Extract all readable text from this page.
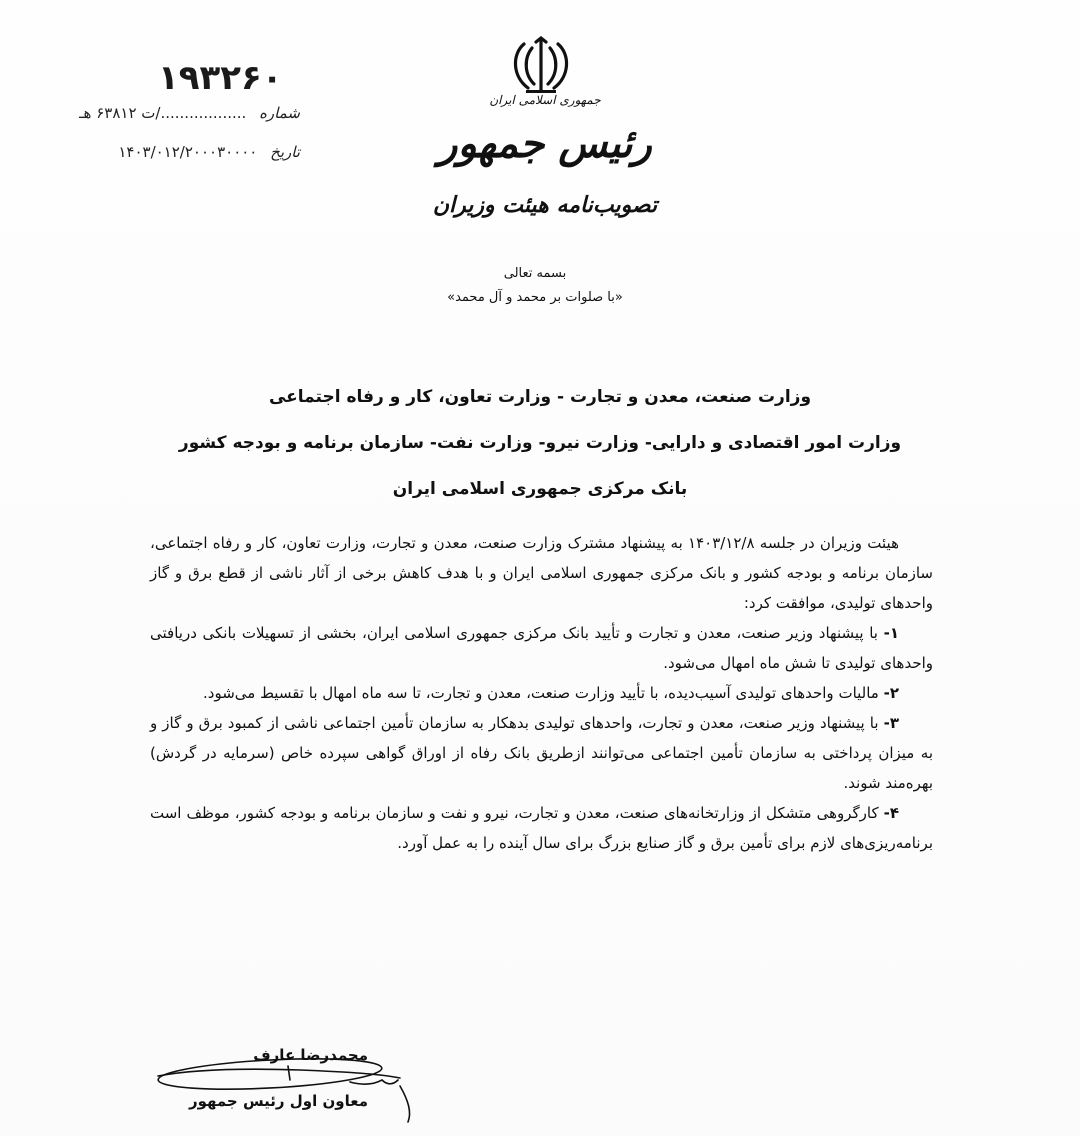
۱۹۳۲۶۰
شماره ..................‌/ت ۶۳۸۱۲ هـ
تاریخ ۱۴۰۳/۰۱۲/۲۰۰۰۳۰۰۰۰
جمهوری اسلامی ایران
رئیس جمهور
تصویب‌نامه هیئت وزیران
بسمه تعالی
«با صلوات بر محمد و آل محمد»
وزارت صنعت، معدن و تجارت - وزارت تعاون، کار و رفاه اجتماعی
وزارت امور اقتصادی و دارایی- وزارت نیرو- وزارت نفت- سازمان برنامه و بودجه کشور
بانک مرکزی جمهوری اسلامی ایران

هیئت وزیران در جلسه ۱۴۰۳/۱۲/۸ به پیشنهاد مشترک وزارت صنعت، معدن و تجارت، وزارت تعاون، کار و رفاه اجتماعی، سازمان برنامه و بودجه کشور و بانک مرکزی جمهوری اسلامی ایران و با هدف کاهش برخی از آثار ناشی از قطع برق و گاز واحدهای تولیدی، موافقت کرد:

۱- با پیشنهاد وزیر صنعت، معدن و تجارت و تأیید بانک مرکزی جمهوری اسلامی ایران، بخشی از تسهیلات بانکی دریافتی واحدهای تولیدی تا شش ماه امهال می‌شود.

۲- مالیات واحدهای تولیدی آسیب‌دیده، با تأیید وزارت صنعت، معدن و تجارت، تا سه ماه امهال با تقسیط می‌شود.

۳- با پیشنهاد وزیر صنعت، معدن و تجارت، واحدهای تولیدی بدهکار به سازمان تأمین اجتماعی ناشی از کمبود برق و گاز و به میزان پرداختی به سازمان تأمین اجتماعی می‌توانند ازطریق بانک رفاه از اوراق گواهی سپرده خاص (سرمایه در گردش) بهره‌مند شوند.

۴- کارگروهی متشکل از وزارتخانه‌های صنعت، معدن و تجارت، نیرو و نفت و سازمان برنامه و بودجه کشور، موظف است برنامه‌ریزی‌های لازم برای تأمین برق و گاز صنایع بزرگ برای سال آینده را به عمل آورد.

محمدرضا عارف
معاون اول رئیس جمهور
